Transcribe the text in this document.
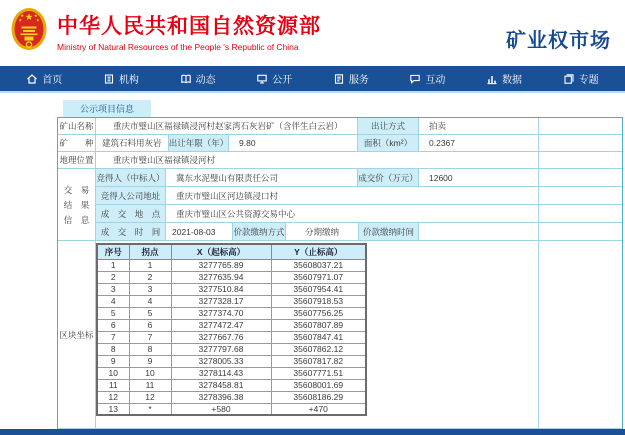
中华人民共和国自然资源部
Ministry of Natural Resources of the People 's Republic of China	矿业权市场
首页	机构	动态	公开	服务	互动	数据	专题
公示项目信息
矿山名称	重庆市璧山区福禄镇浸河村赵家湾石灰岩矿（含伴生白云岩）	出让方式	拍卖
矿　　种	建筑石料用灰岩 出让年限（年）	9.80	面积（km²）	0.2367
地理位置	重庆市璧山区福禄镇浸河村
交　易
结　果
信　息
竞得人（中标人）	冀东水泥璧山有限责任公司	成交价（万元）	12600
竞得人公司地址	重庆市璧山区河边镇浸口村
成　交　地　点	重庆市璧山区公共资源交易中心
成　交　时　间	2021-08-03	价款缴纳方式	分期缴纳	价款缴纳时间
区块坐标
序号	拐点	X（起标高）	Y（止标高）
1	1	3277765.89	35608037.21
2	2	3277635.94	35607971.07
3	3	3277510.84	35607954.41
4	4	3277328.17	35607918.53
5	5	3277374.70	35607756.25
6	6	3277472.47	35607807.89
7	7	3277667.76	35607847.41
8	8	3277797.68	35607862.12
9	9	3278005.33	35607817.82
10	10	3278114.43	35607771.51
11	11	3278458.81	35608001.69
12	12	3278396.38	35608186.29
13	*	+580	+470
